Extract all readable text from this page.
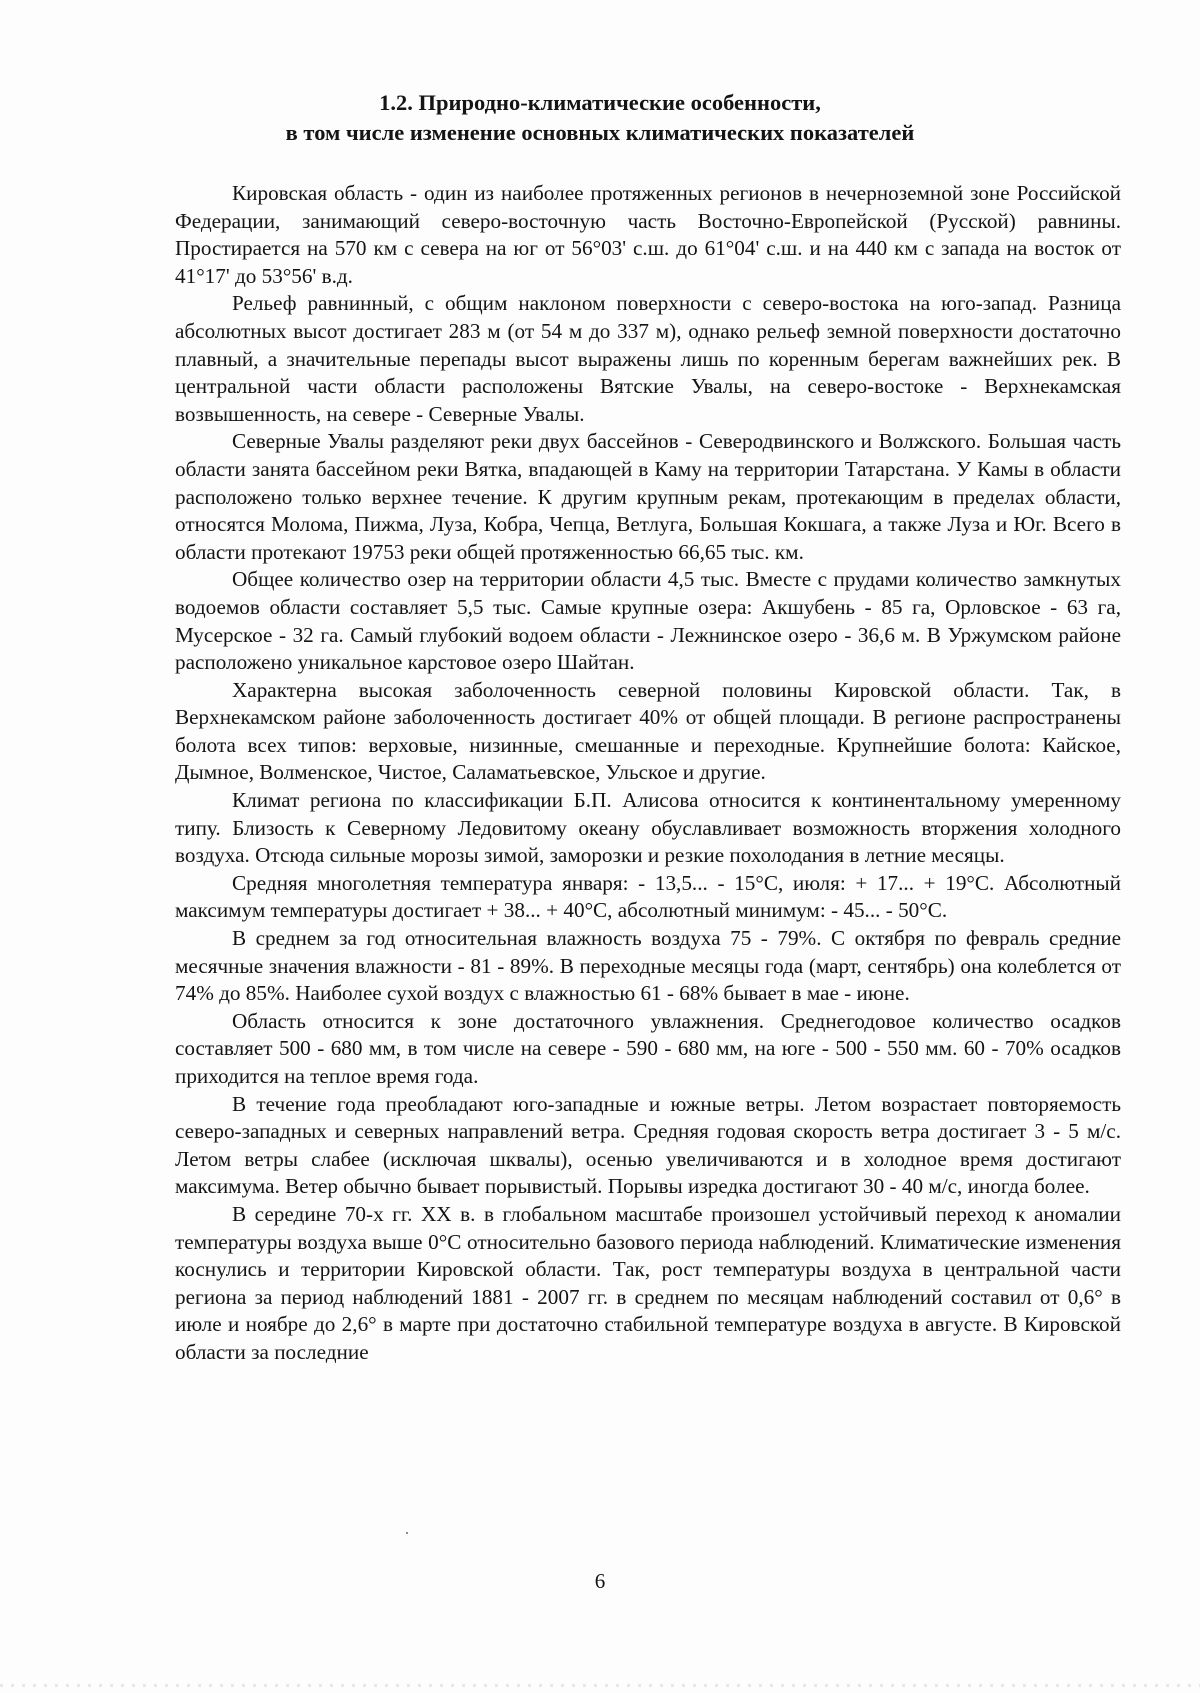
1.2. Природно-климатические особенности,
в том числе изменение основных климатических показателей

Кировская область - один из наиболее протяженных регионов в нечерноземной зоне Российской Федерации, занимающий северо-восточную часть Восточно-Европейской (Русской) равнины. Простирается на 570 км с севера на юг от 56°03' с.ш. до 61°04' с.ш. и на 440 км с запада на восток от 41°17' до 53°56' в.д.

Рельеф равнинный, с общим наклоном поверхности с северо-востока на юго-запад. Разница абсолютных высот достигает 283 м (от 54 м до 337 м), однако рельеф земной поверхности достаточно плавный, а значительные перепады высот выражены лишь по коренным берегам важнейших рек. В центральной части области расположены Вятские Увалы, на северо-востоке - Верхнекамская возвышенность, на севере - Северные Увалы.

Северные Увалы разделяют реки двух бассейнов - Северодвинского и Волжского. Большая часть области занята бассейном реки Вятка, впадающей в Каму на территории Татарстана. У Камы в области расположено только верхнее течение. К другим крупным рекам, протекающим в пределах области, относятся Молома, Пижма, Луза, Кобра, Чепца, Ветлуга, Большая Кокшага, а также Луза и Юг. Всего в области протекают 19753 реки общей протяженностью 66,65 тыс. км.

Общее количество озер на территории области 4,5 тыс. Вместе с прудами количество замкнутых водоемов области составляет 5,5 тыс. Самые крупные озера: Акшубень - 85 га, Орловское - 63 га, Мусерское - 32 га. Самый глубокий водоем области - Лежнинское озеро - 36,6 м. В Уржумском районе расположено уникальное карстовое озеро Шайтан.

Характерна высокая заболоченность северной половины Кировской области. Так, в Верхнекамском районе заболоченность достигает 40% от общей площади. В регионе распространены болота всех типов: верховые, низинные, смешанные и переходные. Крупнейшие болота: Кайское, Дымное, Волменское, Чистое, Саламатьевское, Ульское и другие.

Климат региона по классификации Б.П. Алисова относится к континентальному умеренному типу. Близость к Северному Ледовитому океану обуславливает возможность вторжения холодного воздуха. Отсюда сильные морозы зимой, заморозки и резкие похолодания в летние месяцы.

Средняя многолетняя температура января: - 13,5... - 15°С, июля: + 17... + 19°С. Абсолютный максимум температуры достигает + 38... + 40°С, абсолютный минимум: - 45... - 50°С.

В среднем за год относительная влажность воздуха 75 - 79%. С октября по февраль средние месячные значения влажности - 81 - 89%. В переходные месяцы года (март, сентябрь) она колеблется от 74% до 85%. Наиболее сухой воздух с влажностью 61 - 68% бывает в мае - июне.

Область относится к зоне достаточного увлажнения. Среднегодовое количество осадков составляет 500 - 680 мм, в том числе на севере - 590 - 680 мм, на юге - 500 - 550 мм. 60 - 70% осадков приходится на теплое время года.

В течение года преобладают юго-западные и южные ветры. Летом возрастает повторяемость северо-западных и северных направлений ветра. Средняя годовая скорость ветра достигает 3 - 5 м/с. Летом ветры слабее (исключая шквалы), осенью увеличиваются и в холодное время достигают максимума. Ветер обычно бывает порывистый. Порывы изредка достигают 30 - 40 м/с, иногда более.

В середине 70-х гг. XX в. в глобальном масштабе произошел устойчивый переход к аномалии температуры воздуха выше 0°С относительно базового периода наблюдений. Климатические изменения коснулись и территории Кировской области. Так, рост температуры воздуха в центральной части региона за период наблюдений 1881 - 2007 гг. в среднем по месяцам наблюдений составил от 0,6° в июле и ноябре до 2,6° в марте при достаточно стабильной температуре воздуха в августе. В Кировской области за последние

6
